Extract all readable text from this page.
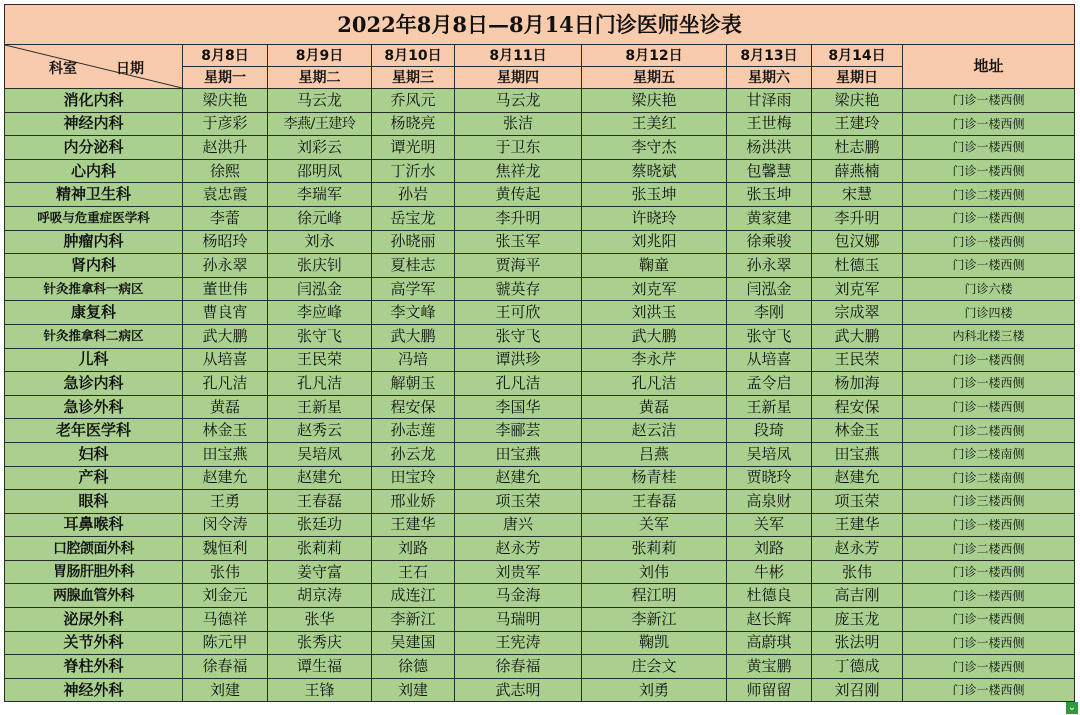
2022年8月8日—8月14日门诊医师坐诊表								

科室 日期	8月8日	8月9日	8月10日	8月11日	8月12日	8月13日	8月14日	地址
	星期一	星期二	星期三	星期四	星期五	星期六	星期日	
消化内科	梁庆艳	马云龙	乔风元	马云龙	梁庆艳	甘泽雨	梁庆艳	门诊一楼西侧
神经内科	于彦彩	李燕/王建玲	杨晓亮	张洁	王美红	王世梅	王建玲	门诊一楼西侧
内分泌科	赵洪升	刘彩云	谭光明	于卫东	李守杰	杨洪洪	杜志鹏	门诊一楼西侧
心内科	徐熙	邵明凤	丁沂水	焦祥龙	蔡晓斌	包馨慧	薛燕楠	门诊一楼西侧
精神卫生科	袁忠霞	李瑞军	孙岩	黄传起	张玉坤	张玉坤	宋慧	门诊二楼西侧
呼吸与危重症医学科	李蕾	徐元峰	岳宝龙	李升明	许晓玲	黄家建	李升明	门诊一楼西侧
肿瘤内科	杨昭玲	刘永	孙晓丽	张玉军	刘兆阳	徐乘骏	包汉娜	门诊一楼西侧
肾内科	孙永翠	张庆钊	夏桂志	贾海平	鞠童	孙永翠	杜德玉	门诊一楼西侧
针灸推拿科一病区	董世伟	闫泓金	高学军	虢英存	刘克军	闫泓金	刘克军	门诊六楼
康复科	曹良宵	李应峰	李文峰	王可欣	刘洪玉	李刚	宗成翠	门诊四楼
针灸推拿科二病区	武大鹏	张守飞	武大鹏	张守飞	武大鹏	张守飞	武大鹏	内科北楼三楼
儿科	从培喜	王民荣	冯培	谭洪珍	李永芹	从培喜	王民荣	门诊一楼西侧
急诊内科	孔凡洁	孔凡洁	解朝玉	孔凡洁	孔凡洁	孟令启	杨加海	门诊一楼西侧
急诊外科	黄磊	王新星	程安保	李国华	黄磊	王新星	程安保	门诊一楼西侧
老年医学科	林金玉	赵秀云	孙志莲	李郦芸	赵云洁	段琦	林金玉	门诊二楼西侧
妇科	田宝燕	吴培凤	孙云龙	田宝燕	吕燕	吴培凤	田宝燕	门诊二楼南侧
产科	赵建允	赵建允	田宝玲	赵建允	杨青桂	贾晓玲	赵建允	门诊二楼南侧
眼科	王勇	王春磊	邢业娇	项玉荣	王春磊	高泉财	项玉荣	门诊三楼西侧
耳鼻喉科	闵令涛	张廷功	王建华	唐兴	关军	关军	王建华	门诊一楼西侧
口腔颌面外科	魏恒利	张莉莉	刘路	赵永芳	张莉莉	刘路	赵永芳	门诊二楼西侧
胃肠肝胆外科	张伟	姜守富	王石	刘贵军	刘伟	牛彬	张伟	门诊一楼西侧
两腺血管外科	刘金元	胡京涛	成连江	马金海	程江明	杜德良	高吉刚	门诊一楼西侧
泌尿外科	马德祥	张华	李新江	马瑞明	李新江	赵长辉	庞玉龙	门诊一楼西侧
关节外科	陈元甲	张秀庆	吴建国	王宪涛	鞠凯	高蔚琪	张法明	门诊一楼西侧
脊柱外科	徐春福	谭生福	徐德	徐春福	庄会文	黄宝鹏	丁德成	门诊一楼西侧
神经外科	刘建	王锋	刘建	武志明	刘勇	师留留	刘召刚	门诊一楼西侧
⌄
